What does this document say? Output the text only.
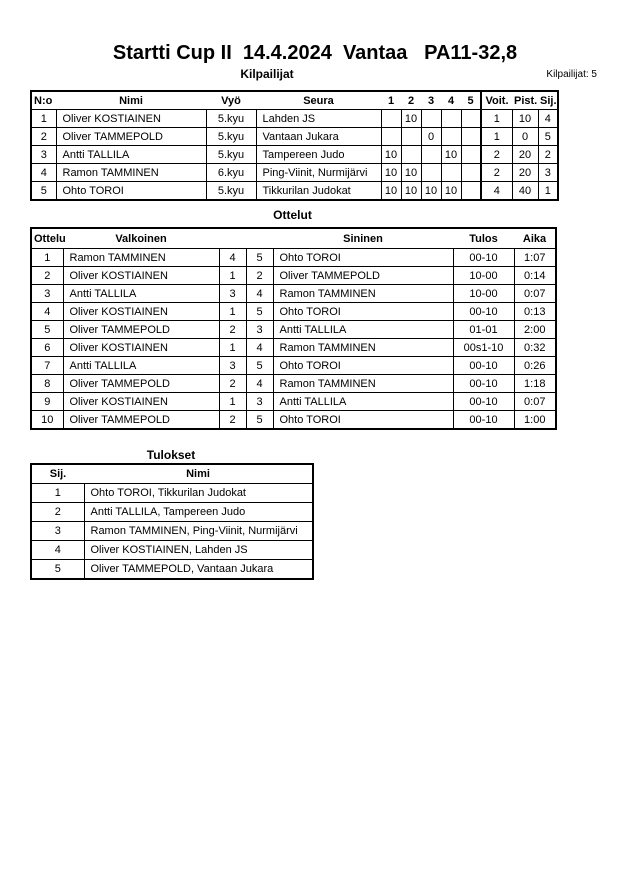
Startti Cup II  14.4.2024  Vantaa   PA11-32,8
Kilpailijat	Kilpailijat: 5
N:o	Nimi	Vyö	Seura	1	2	3	4	5	Voit.	Pist.	Sij.
1	Oliver KOSTIAINEN	5.kyu	Lahden JS		10				1	10	4
2	Oliver TAMMEPOLD	5.kyu	Vantaan Jukara			0			1	0	5
3	Antti TALLILA	5.kyu	Tampereen Judo	10			10		2	20	2
4	Ramon TAMMINEN	6.kyu	Ping-Viinit, Nurmijärvi	10	10				2	20	3
5	Ohto TOROI	5.kyu	Tikkurilan Judokat	10	10	10	10		4	40	1
Ottelut
Ottelu	Valkoinen			Sininen	Tulos	Aika
1	Ramon TAMMINEN	4	5	Ohto TOROI	00-10	1:07
2	Oliver KOSTIAINEN	1	2	Oliver TAMMEPOLD	10-00	0:14
3	Antti TALLILA	3	4	Ramon TAMMINEN	10-00	0:07
4	Oliver KOSTIAINEN	1	5	Ohto TOROI	00-10	0:13
5	Oliver TAMMEPOLD	2	3	Antti TALLILA	01-01	2:00
6	Oliver KOSTIAINEN	1	4	Ramon TAMMINEN	00s1-10	0:32
7	Antti TALLILA	3	5	Ohto TOROI	00-10	0:26
8	Oliver TAMMEPOLD	2	4	Ramon TAMMINEN	00-10	1:18
9	Oliver KOSTIAINEN	1	3	Antti TALLILA	00-10	0:07
10	Oliver TAMMEPOLD	2	5	Ohto TOROI	00-10	1:00
Tulokset
Sij.	Nimi
1	Ohto TOROI, Tikkurilan Judokat
2	Antti TALLILA, Tampereen Judo
3	Ramon TAMMINEN, Ping-Viinit, Nurmijärvi
4	Oliver KOSTIAINEN, Lahden JS
5	Oliver TAMMEPOLD, Vantaan Jukara
